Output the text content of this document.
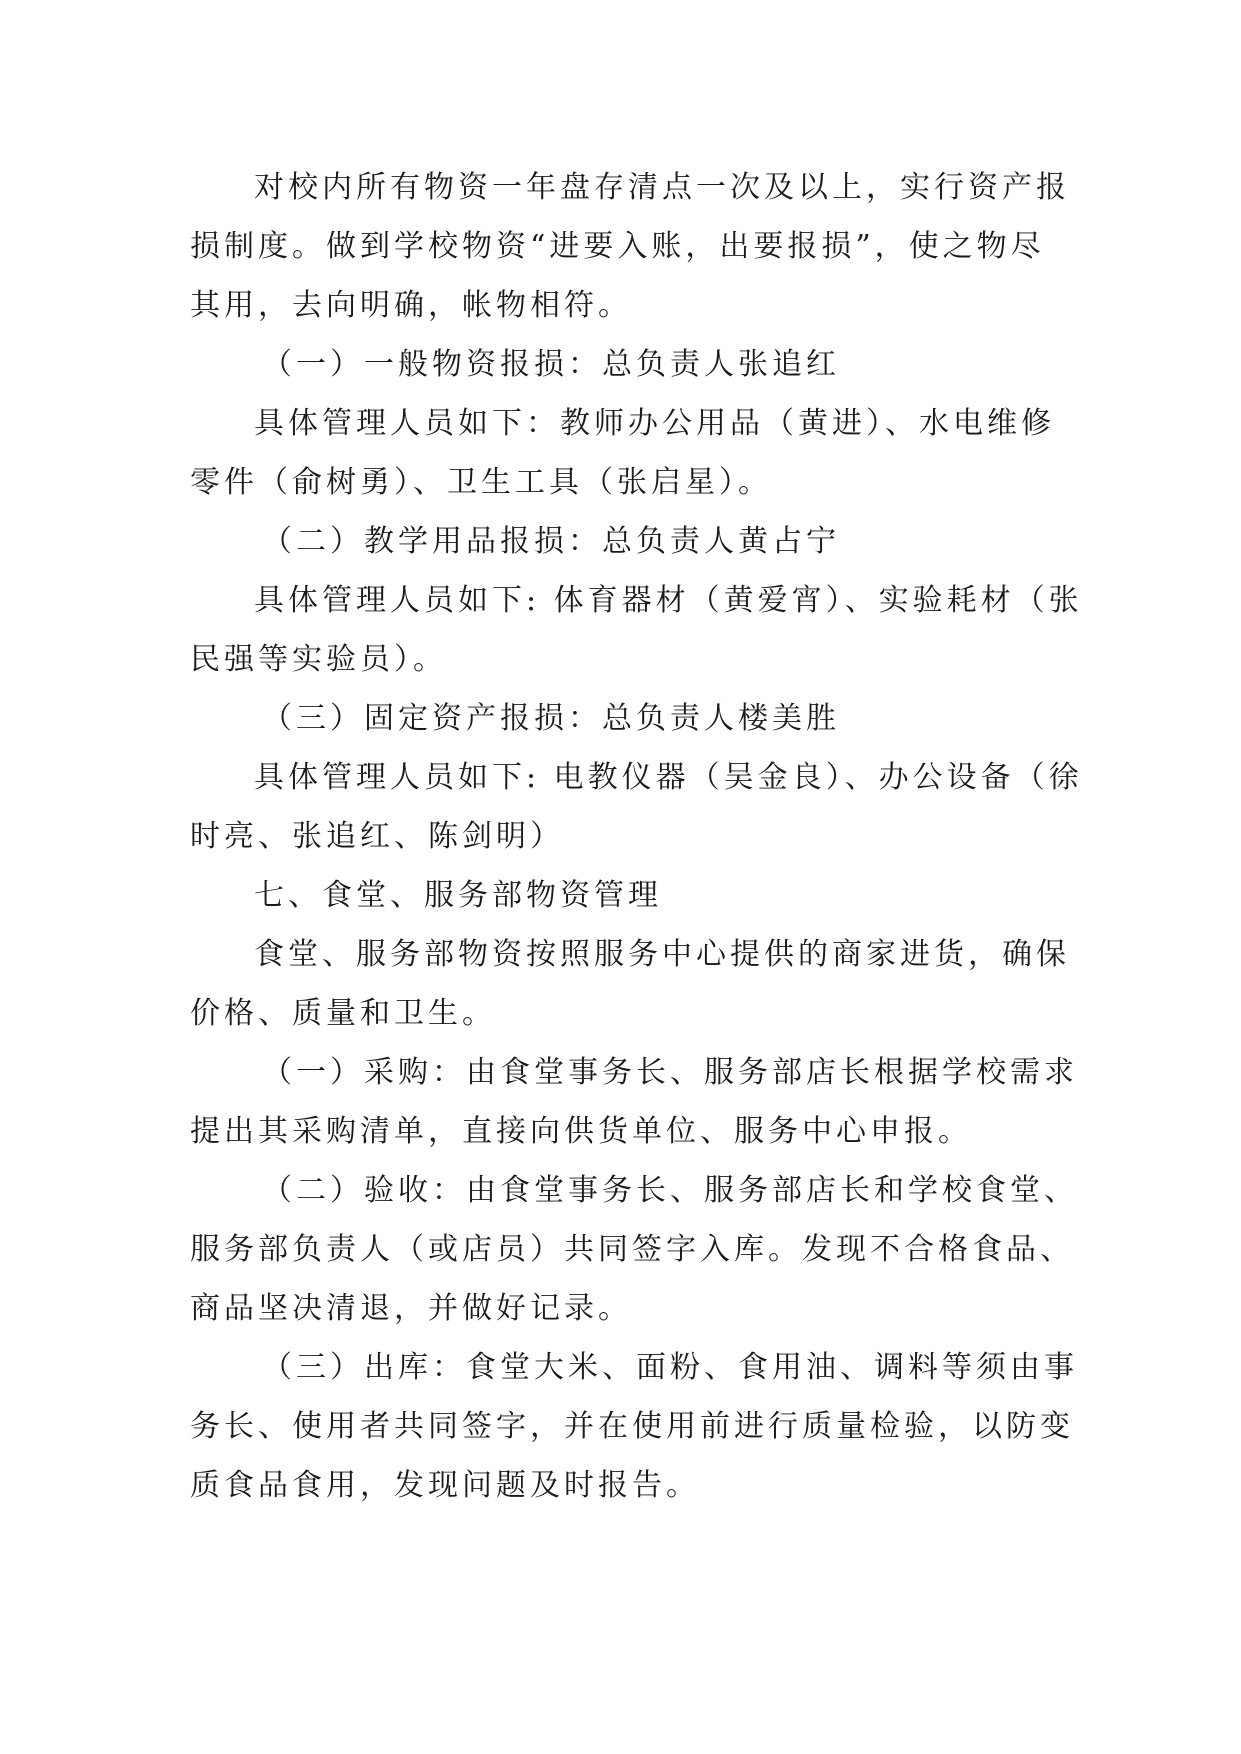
对校内所有物资一年盘存清点一次及以上，实行资产报
损制度。做到学校物资“进要入账，出要报损”，使之物尽
其用，去向明确，帐物相符。
（一）一般物资报损：总负责人张追红
具体管理人员如下：教师办公用品（黄进）、水电维修
零件（俞树勇）、卫生工具（张启星）。
（二）教学用品报损：总负责人黄占宁
具体管理人员如下: 体育器材（黄爱宵）、实验耗材（张
民强等实验员）。
（三）固定资产报损：总负责人楼美胜
具体管理人员如下: 电教仪器（吴金良）、办公设备（徐
时亮、张追红、陈剑明）
七、食堂、服务部物资管理
食堂、服务部物资按照服务中心提供的商家进货，确保
价格、质量和卫生。
（一）采购：由食堂事务长、服务部店长根据学校需求
提出其采购清单，直接向供货单位、服务中心申报。
（二）验收：由食堂事务长、服务部店长和学校食堂、
服务部负责人（或店员）共同签字入库。发现不合格食品、
商品坚决清退，并做好记录。
（三）出库：食堂大米、面粉、食用油、调料等须由事
务长、使用者共同签字，并在使用前进行质量检验，以防变
质食品食用，发现问题及时报告。
